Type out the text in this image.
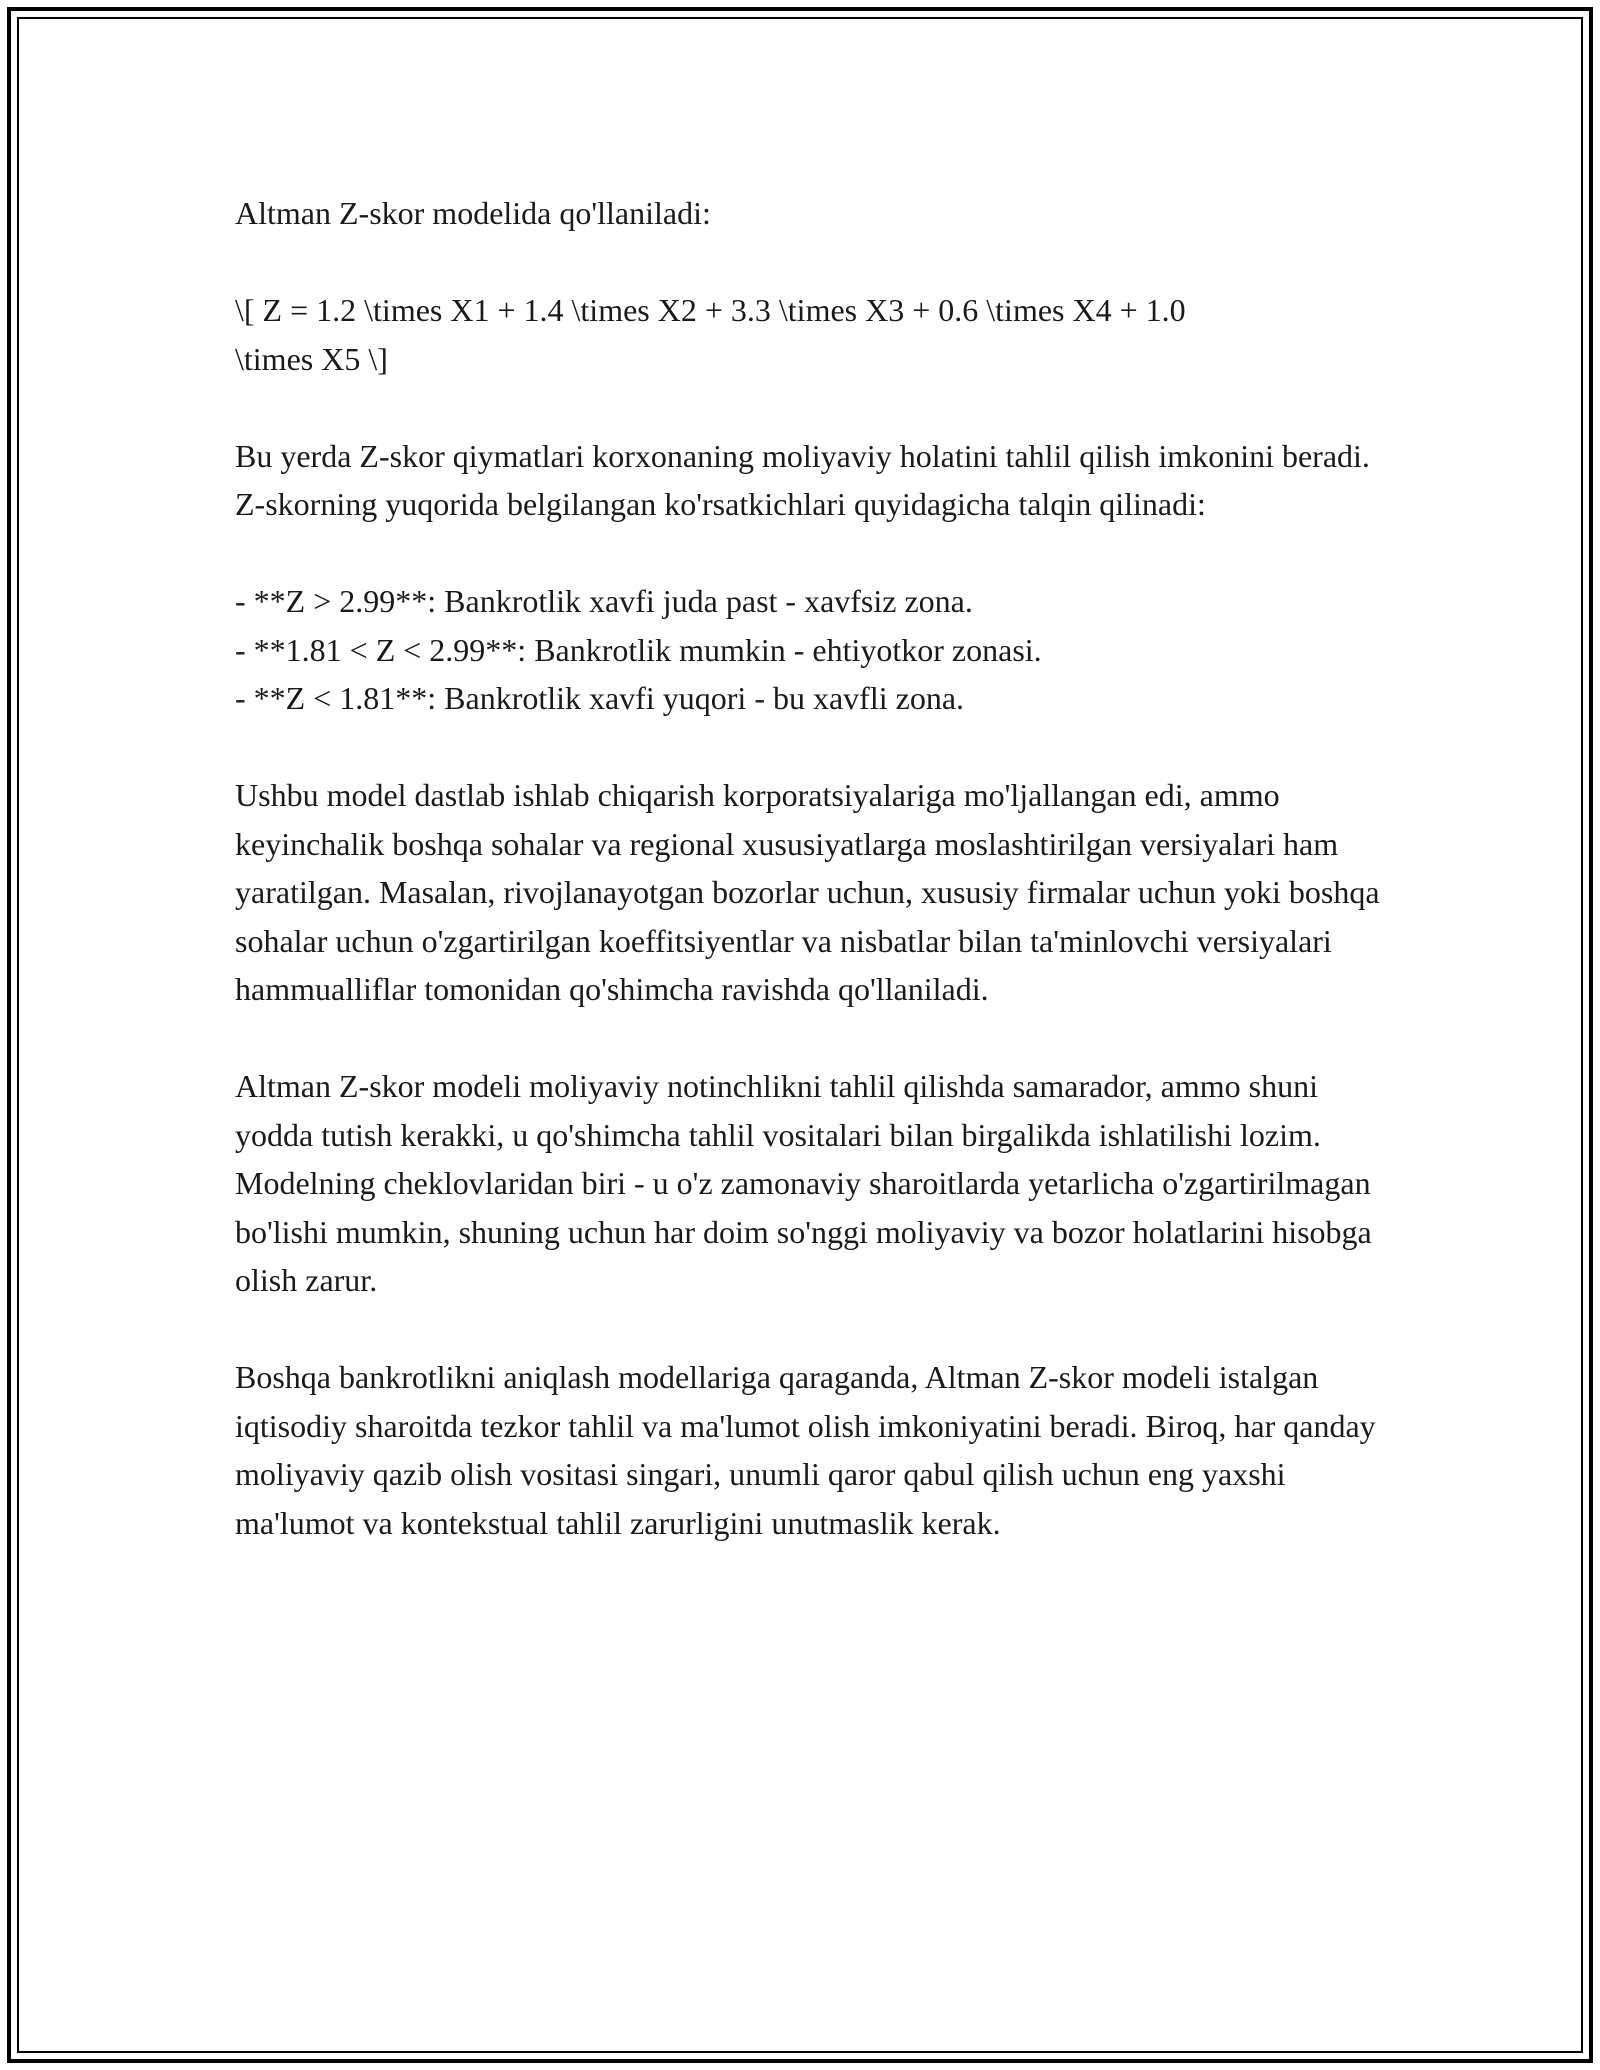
Altman Z-skor modelida qo'llaniladi:

\[ Z = 1.2 \times X1 + 1.4 \times X2 + 3.3 \times X3 + 0.6 \times X4 + 1.0
\times X5 \]

Bu yerda Z-skor qiymatlari korxonaning moliyaviy holatini tahlil qilish imkonini beradi. Z-skorning yuqorida belgilangan ko'rsatkichlari quyidagicha talqin qilinadi:

- **Z > 2.99**: Bankrotlik xavfi juda past - xavfsiz zona.
- **1.81 < Z < 2.99**: Bankrotlik mumkin - ehtiyotkor zonasi.
- **Z < 1.81**: Bankrotlik xavfi yuqori - bu xavfli zona.

Ushbu model dastlab ishlab chiqarish korporatsiyalariga mo'ljallangan edi, ammo keyinchalik boshqa sohalar va regional xususiyatlarga moslashtirilgan versiyalari ham yaratilgan. Masalan, rivojlanayotgan bozorlar uchun, xususiy firmalar uchun yoki boshqa sohalar uchun o'zgartirilgan koeffitsiyentlar va nisbatlar bilan ta'minlovchi versiyalari hammualliflar tomonidan qo'shimcha ravishda qo'llaniladi.

Altman Z-skor modeli moliyaviy notinchlikni tahlil qilishda samarador, ammo shuni yodda tutish kerakki, u qo'shimcha tahlil vositalari bilan birgalikda ishlatilishi lozim. Modelning cheklovlaridan biri - u o'z zamonaviy sharoitlarda yetarlicha o'zgartirilmagan bo'lishi mumkin, shuning uchun har doim so'nggi moliyaviy va bozor holatlarini hisobga olish zarur.

Boshqa bankrotlikni aniqlash modellariga qaraganda, Altman Z-skor modeli istalgan iqtisodiy sharoitda tezkor tahlil va ma'lumot olish imkoniyatini beradi. Biroq, har qanday moliyaviy qazib olish vositasi singari, unumli qaror qabul qilish uchun eng yaxshi ma'lumot va kontekstual tahlil zarurligini unutmaslik kerak.
